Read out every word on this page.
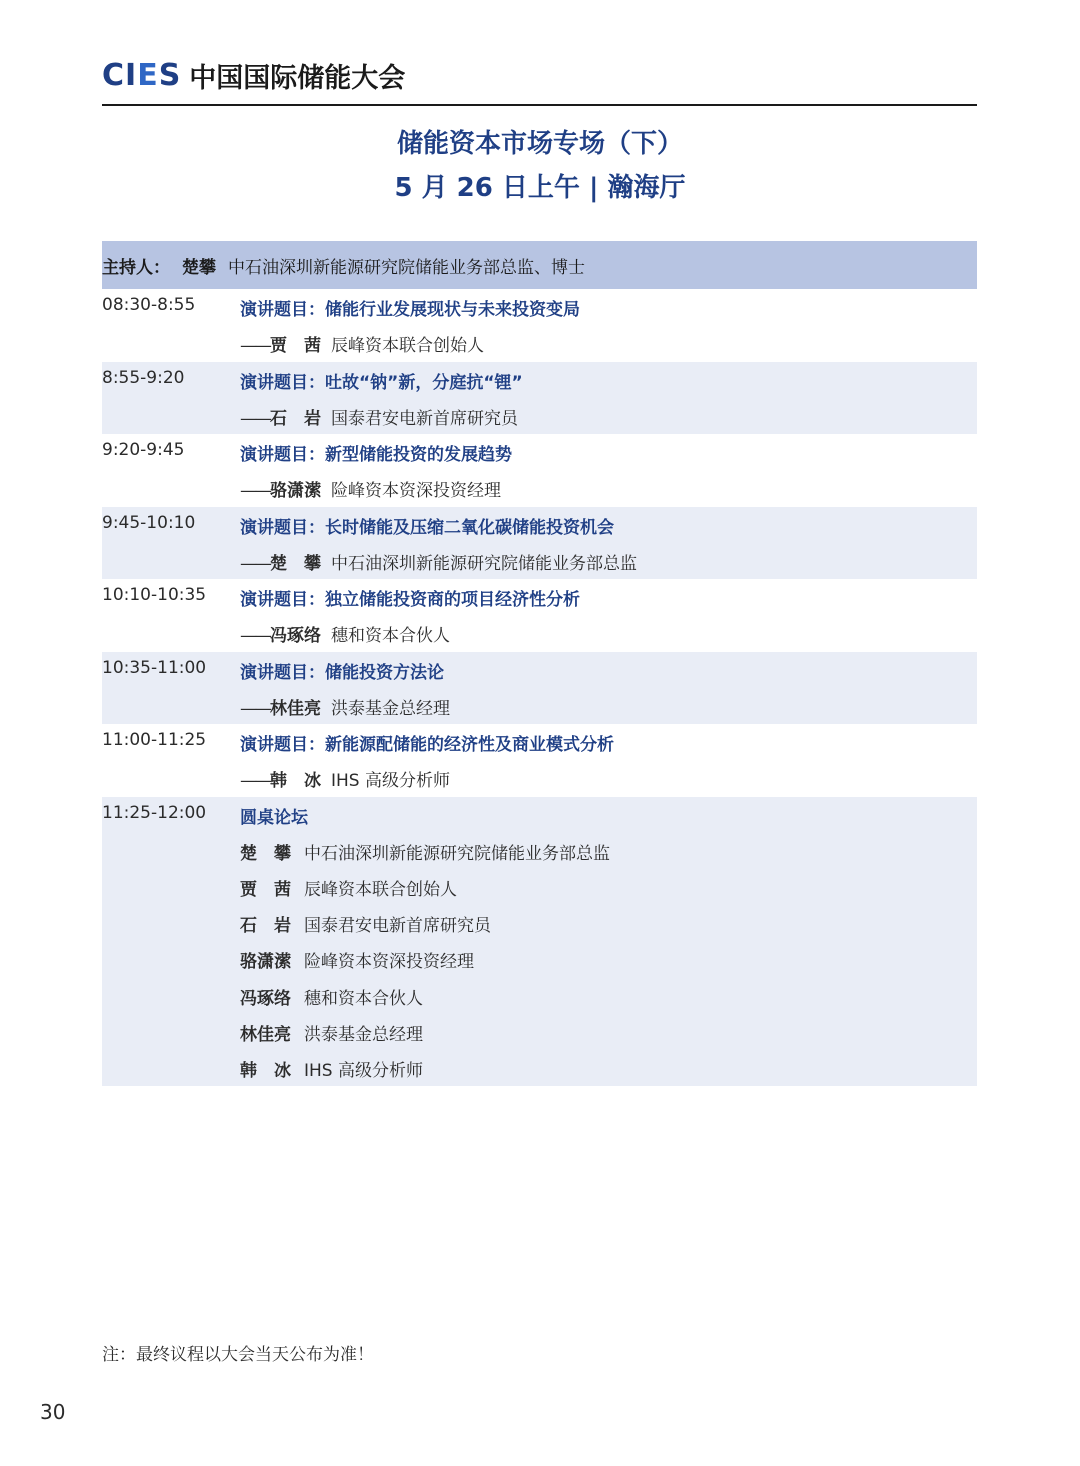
CIES 中国国际储能大会
储能资本市场专场（下）
5 月 26 日上午 | 瀚海厅
主持人： 楚攀 中石油深圳新能源研究院储能业务部总监、博士
08:30-8:55	演讲题目：储能行业发展现状与未来投资变局
——贾　茜 辰峰资本联合创始人
8:55-9:20	演讲题目：吐故“钠”新，分庭抗“锂”
——石　岩 国泰君安电新首席研究员
9:20-9:45	演讲题目：新型储能投资的发展趋势
——骆潇潆 险峰资本资深投资经理
9:45-10:10	演讲题目：长时储能及压缩二氧化碳储能投资机会
——楚　攀 中石油深圳新能源研究院储能业务部总监
10:10-10:35 演讲题目：独立储能投资商的项目经济性分析
——冯琢络 穗和资本合伙人
10:35-11:00 演讲题目：储能投资方法论
——林佳亮 洪泰基金总经理
11:00-11:25 演讲题目：新能源配储能的经济性及商业模式分析
——韩　冰 IHS 高级分析师
11:25-12:00 圆桌论坛
楚　攀 中石油深圳新能源研究院储能业务部总监
贾　茜 辰峰资本联合创始人
石　岩 国泰君安电新首席研究员
骆潇潆 险峰资本资深投资经理
冯琢络 穗和资本合伙人
林佳亮 洪泰基金总经理
韩　冰 IHS 高级分析师
注：最终议程以大会当天公布为准！
30
